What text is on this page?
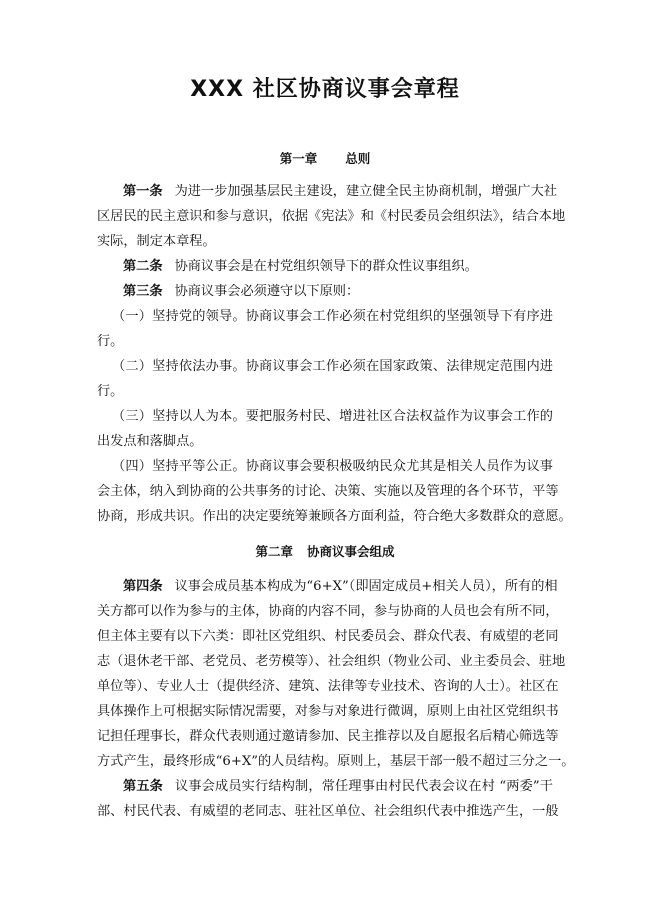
XXX 社区协商议事会章程
第一章 总则
第一条 为进一步加强基层民主建设，建立健全民主协商机制，增强广大社
区居民的民主意识和参与意识，依据《宪法》和《村民委员会组织法》，结合本地
实际，制定本章程。
第二条 协商议事会是在村党组织领导下的群众性议事组织。
第三条 协商议事会必须遵守以下原则：
（一）坚持党的领导。协商议事会工作必须在村党组织的坚强领导下有序进
行。
（二）坚持依法办事。协商议事会工作必须在国家政策、法律规定范围内进
行。
（三）坚持以人为本。要把服务村民、增进社区合法权益作为议事会工作的
出发点和落脚点。
（四）坚持平等公正。协商议事会要积极吸纳民众尤其是相关人员作为议事
会主体，纳入到协商的公共事务的讨论、决策、实施以及管理的各个环节，平等
协商，形成共识。作出的决定要统筹兼顾各方面利益，符合绝大多数群众的意愿。
第二章 协商议事会组成
第四条 议事会成员基本构成为“6+X”（即固定成员+相关人员），所有的相
关方都可以作为参与的主体，协商的内容不同，参与协商的人员也会有所不同，
但主体主要有以下六类：即社区党组织、村民委员会、群众代表、有威望的老同
志（退休老干部、老党员、老劳模等）、社会组织（物业公司、业主委员会、驻地
单位等）、专业人士（提供经济、建筑、法律等专业技术、咨询的人士）。社区在
具体操作上可根据实际情况需要，对参与对象进行微调，原则上由社区党组织书
记担任理事长，群众代表则通过邀请参加、民主推荐以及自愿报名后精心筛选等
方式产生，最终形成“6+X”的人员结构。原则上，基层干部一般不超过三分之一。
第五条 议事会成员实行结构制，常任理事由村民代表会议在村 “两委”干
部、村民代表、有威望的老同志、驻社区单位、社会组织代表中推选产生，一般
